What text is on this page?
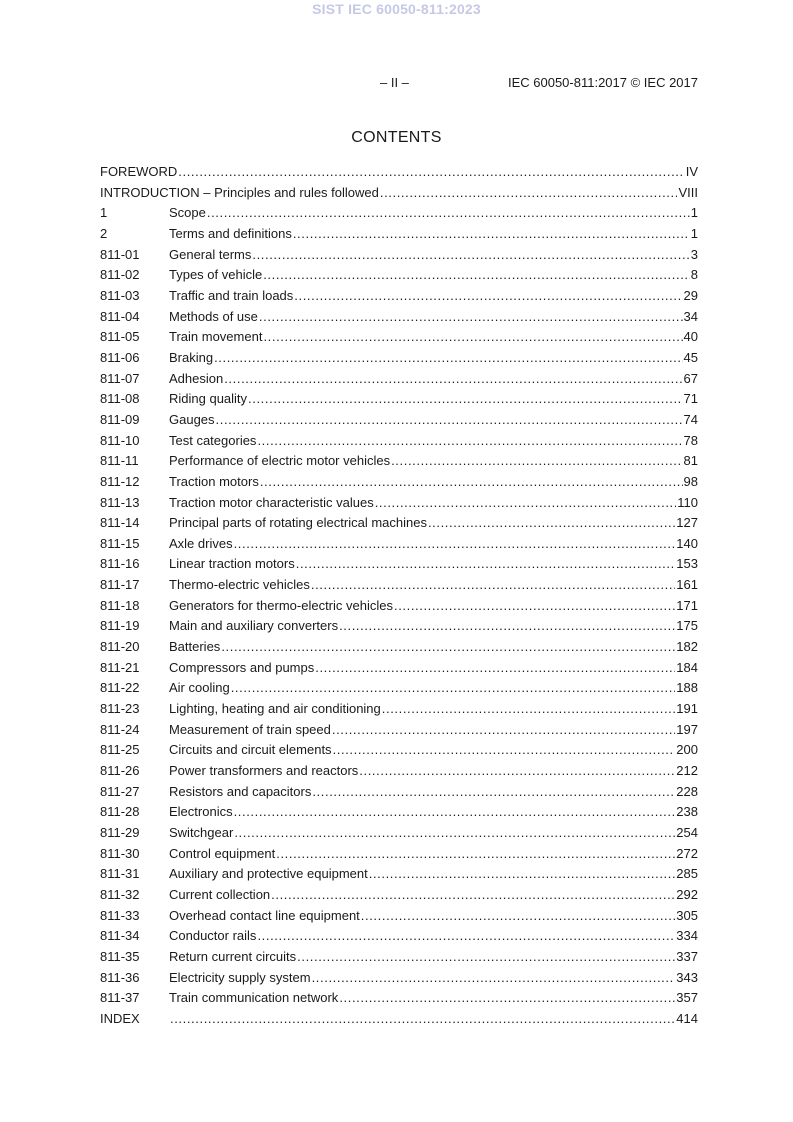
SIST IEC 60050-811:2023
– II –	IEC 60050-811:2017 © IEC 2017
CONTENTS
FOREWORD .....	IV
INTRODUCTION – Principles and rules followed .....	VIII
1	Scope .....	1
2	Terms and definitions .....	1
811-01	General terms .....	3
811-02	Types of vehicle .....	8
811-03	Traffic and train loads .....	29
811-04	Methods of use .....	34
811-05	Train movement .....	40
811-06	Braking .....	45
811-07	Adhesion .....	67
811-08	Riding quality .....	71
811-09	Gauges .....	74
811-10	Test categories .....	78
811-11	Performance of electric motor vehicles .....	81
811-12	Traction motors .....	98
811-13	Traction motor characteristic values .....	110
811-14	Principal parts of rotating electrical machines .....	127
811-15	Axle drives .....	140
811-16	Linear traction motors .....	153
811-17	Thermo-electric vehicles .....	161
811-18	Generators for thermo-electric vehicles .....	171
811-19	Main and auxiliary converters .....	175
811-20	Batteries .....	182
811-21	Compressors and pumps .....	184
811-22	Air cooling .....	188
811-23	Lighting, heating and air conditioning .....	191
811-24	Measurement of train speed .....	197
811-25	Circuits and circuit elements .....	200
811-26	Power transformers and reactors .....	212
811-27	Resistors and capacitors .....	228
811-28	Electronics .....	238
811-29	Switchgear .....	254
811-30	Control equipment .....	272
811-31	Auxiliary and protective equipment .....	285
811-32	Current collection .....	292
811-33	Overhead contact line equipment .....	305
811-34	Conductor rails .....	334
811-35	Return current circuits .....	337
811-36	Electricity supply system .....	343
811-37	Train communication network .....	357
INDEX .....	414
